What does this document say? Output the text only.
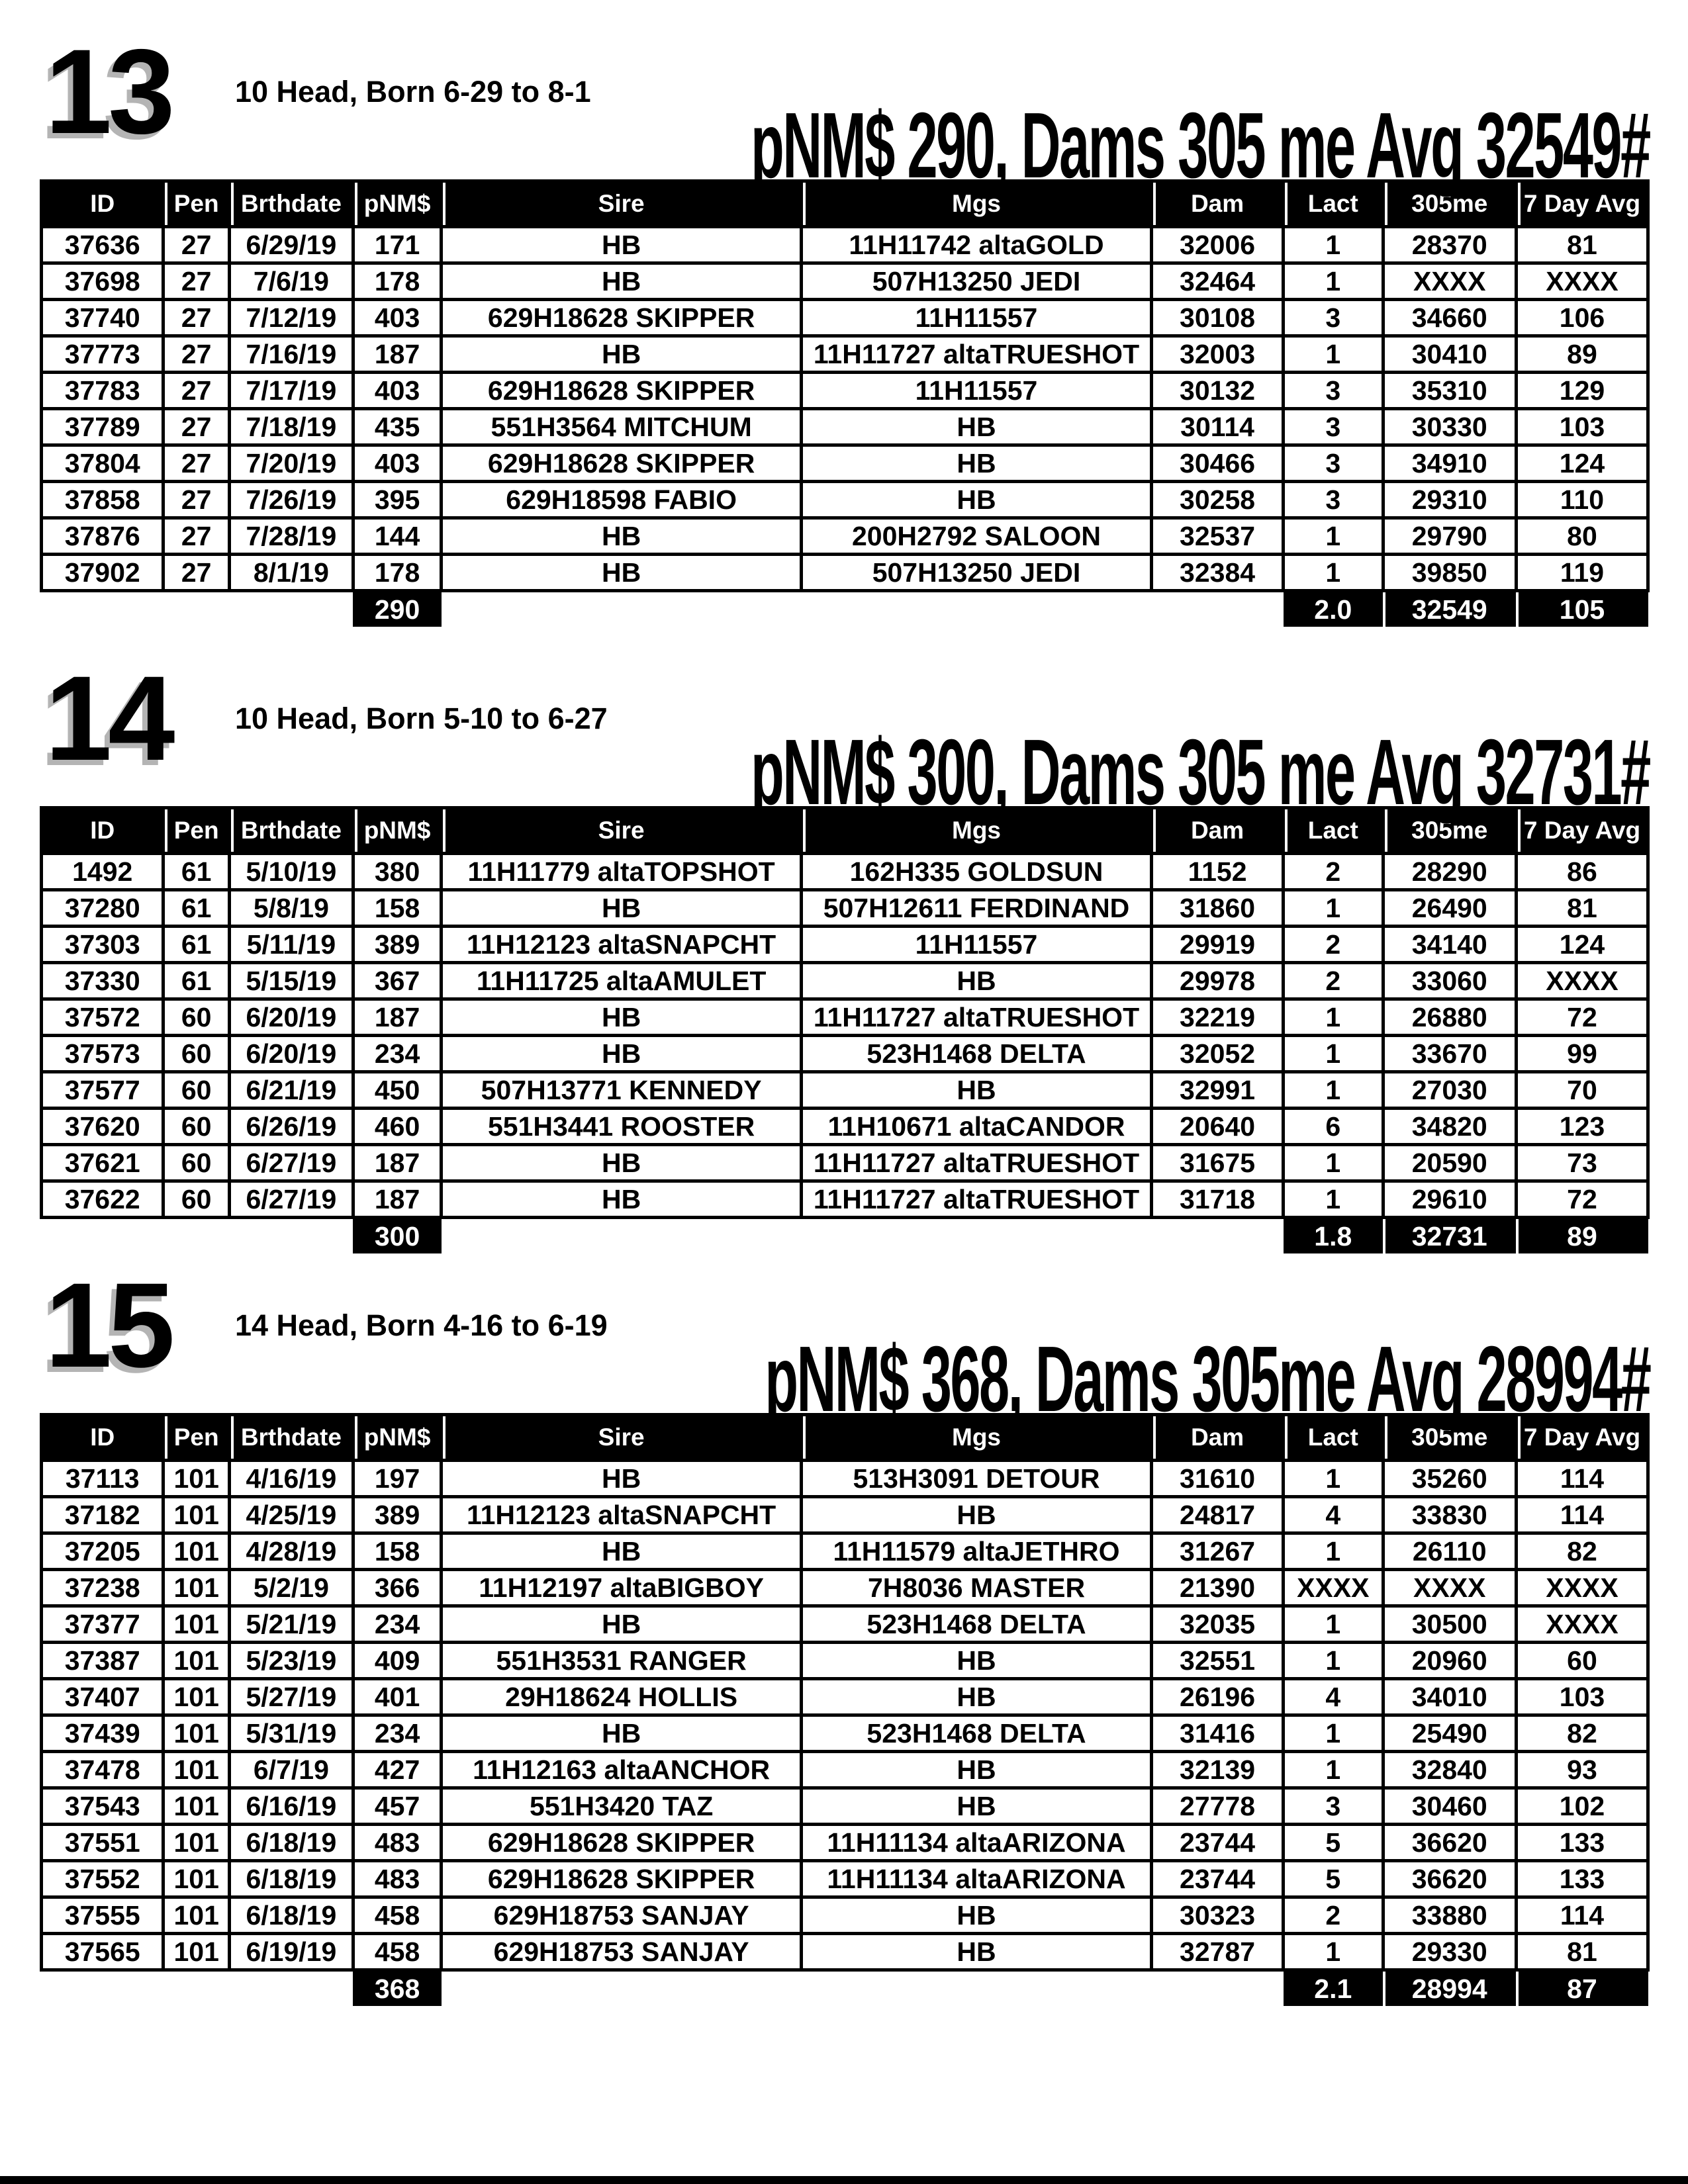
13 10 Head, Born 6-29 to 8-1
pNM$ 290, Dams 305 me Avg 32549#
ID	Pen	Brthdate	pNM$	Sire	Mgs	Dam	Lact	305me	7 Day Avg
37636	27	6/29/19	171	HB	11H11742 altaGOLD	32006	1	28370	81
37698	27	7/6/19	178	HB	507H13250 JEDI	32464	1	XXXX	XXXX
37740	27	7/12/19	403	629H18628 SKIPPER	11H11557	30108	3	34660	106
37773	27	7/16/19	187	HB	11H11727 altaTRUESHOT	32003	1	30410	89
37783	27	7/17/19	403	629H18628 SKIPPER	11H11557	30132	3	35310	129
37789	27	7/18/19	435	551H3564 MITCHUM	HB	30114	3	30330	103
37804	27	7/20/19	403	629H18628 SKIPPER	HB	30466	3	34910	124
37858	27	7/26/19	395	629H18598 FABIO	HB	30258	3	29310	110
37876	27	7/28/19	144	HB	200H2792 SALOON	32537	1	29790	80
37902	27	8/1/19	178	HB	507H13250 JEDI	32384	1	39850	119
			290				2.0	32549	105
14 10 Head, Born 5-10 to 6-27
pNM$ 300, Dams 305 me Avg 32731#
ID	Pen	Brthdate	pNM$	Sire	Mgs	Dam	Lact	305me	7 Day Avg
1492	61	5/10/19	380	11H11779 altaTOPSHOT	162H335 GOLDSUN	1152	2	28290	86
37280	61	5/8/19	158	HB	507H12611 FERDINAND	31860	1	26490	81
37303	61	5/11/19	389	11H12123 altaSNAPCHT	11H11557	29919	2	34140	124
37330	61	5/15/19	367	11H11725 altaAMULET	HB	29978	2	33060	XXXX
37572	60	6/20/19	187	HB	11H11727 altaTRUESHOT	32219	1	26880	72
37573	60	6/20/19	234	HB	523H1468 DELTA	32052	1	33670	99
37577	60	6/21/19	450	507H13771 KENNEDY	HB	32991	1	27030	70
37620	60	6/26/19	460	551H3441 ROOSTER	11H10671 altaCANDOR	20640	6	34820	123
37621	60	6/27/19	187	HB	11H11727 altaTRUESHOT	31675	1	20590	73
37622	60	6/27/19	187	HB	11H11727 altaTRUESHOT	31718	1	29610	72
			300				1.8	32731	89
15 14 Head, Born 4-16 to 6-19
pNM$ 368, Dams 305me Avg 28994#
ID	Pen	Brthdate	pNM$	Sire	Mgs	Dam	Lact	305me	7 Day Avg
37113	101	4/16/19	197	HB	513H3091 DETOUR	31610	1	35260	114
37182	101	4/25/19	389	11H12123 altaSNAPCHT	HB	24817	4	33830	114
37205	101	4/28/19	158	HB	11H11579 altaJETHRO	31267	1	26110	82
37238	101	5/2/19	366	11H12197 altaBIGBOY	7H8036 MASTER	21390	XXXX	XXXX	XXXX
37377	101	5/21/19	234	HB	523H1468 DELTA	32035	1	30500	XXXX
37387	101	5/23/19	409	551H3531 RANGER	HB	32551	1	20960	60
37407	101	5/27/19	401	29H18624 HOLLIS	HB	26196	4	34010	103
37439	101	5/31/19	234	HB	523H1468 DELTA	31416	1	25490	82
37478	101	6/7/19	427	11H12163 altaANCHOR	HB	32139	1	32840	93
37543	101	6/16/19	457	551H3420 TAZ	HB	27778	3	30460	102
37551	101	6/18/19	483	629H18628 SKIPPER	11H11134 altaARIZONA	23744	5	36620	133
37552	101	6/18/19	483	629H18628 SKIPPER	11H11134 altaARIZONA	23744	5	36620	133
37555	101	6/18/19	458	629H18753 SANJAY	HB	30323	2	33880	114
37565	101	6/19/19	458	629H18753 SANJAY	HB	32787	1	29330	81
			368				2.1	28994	87
